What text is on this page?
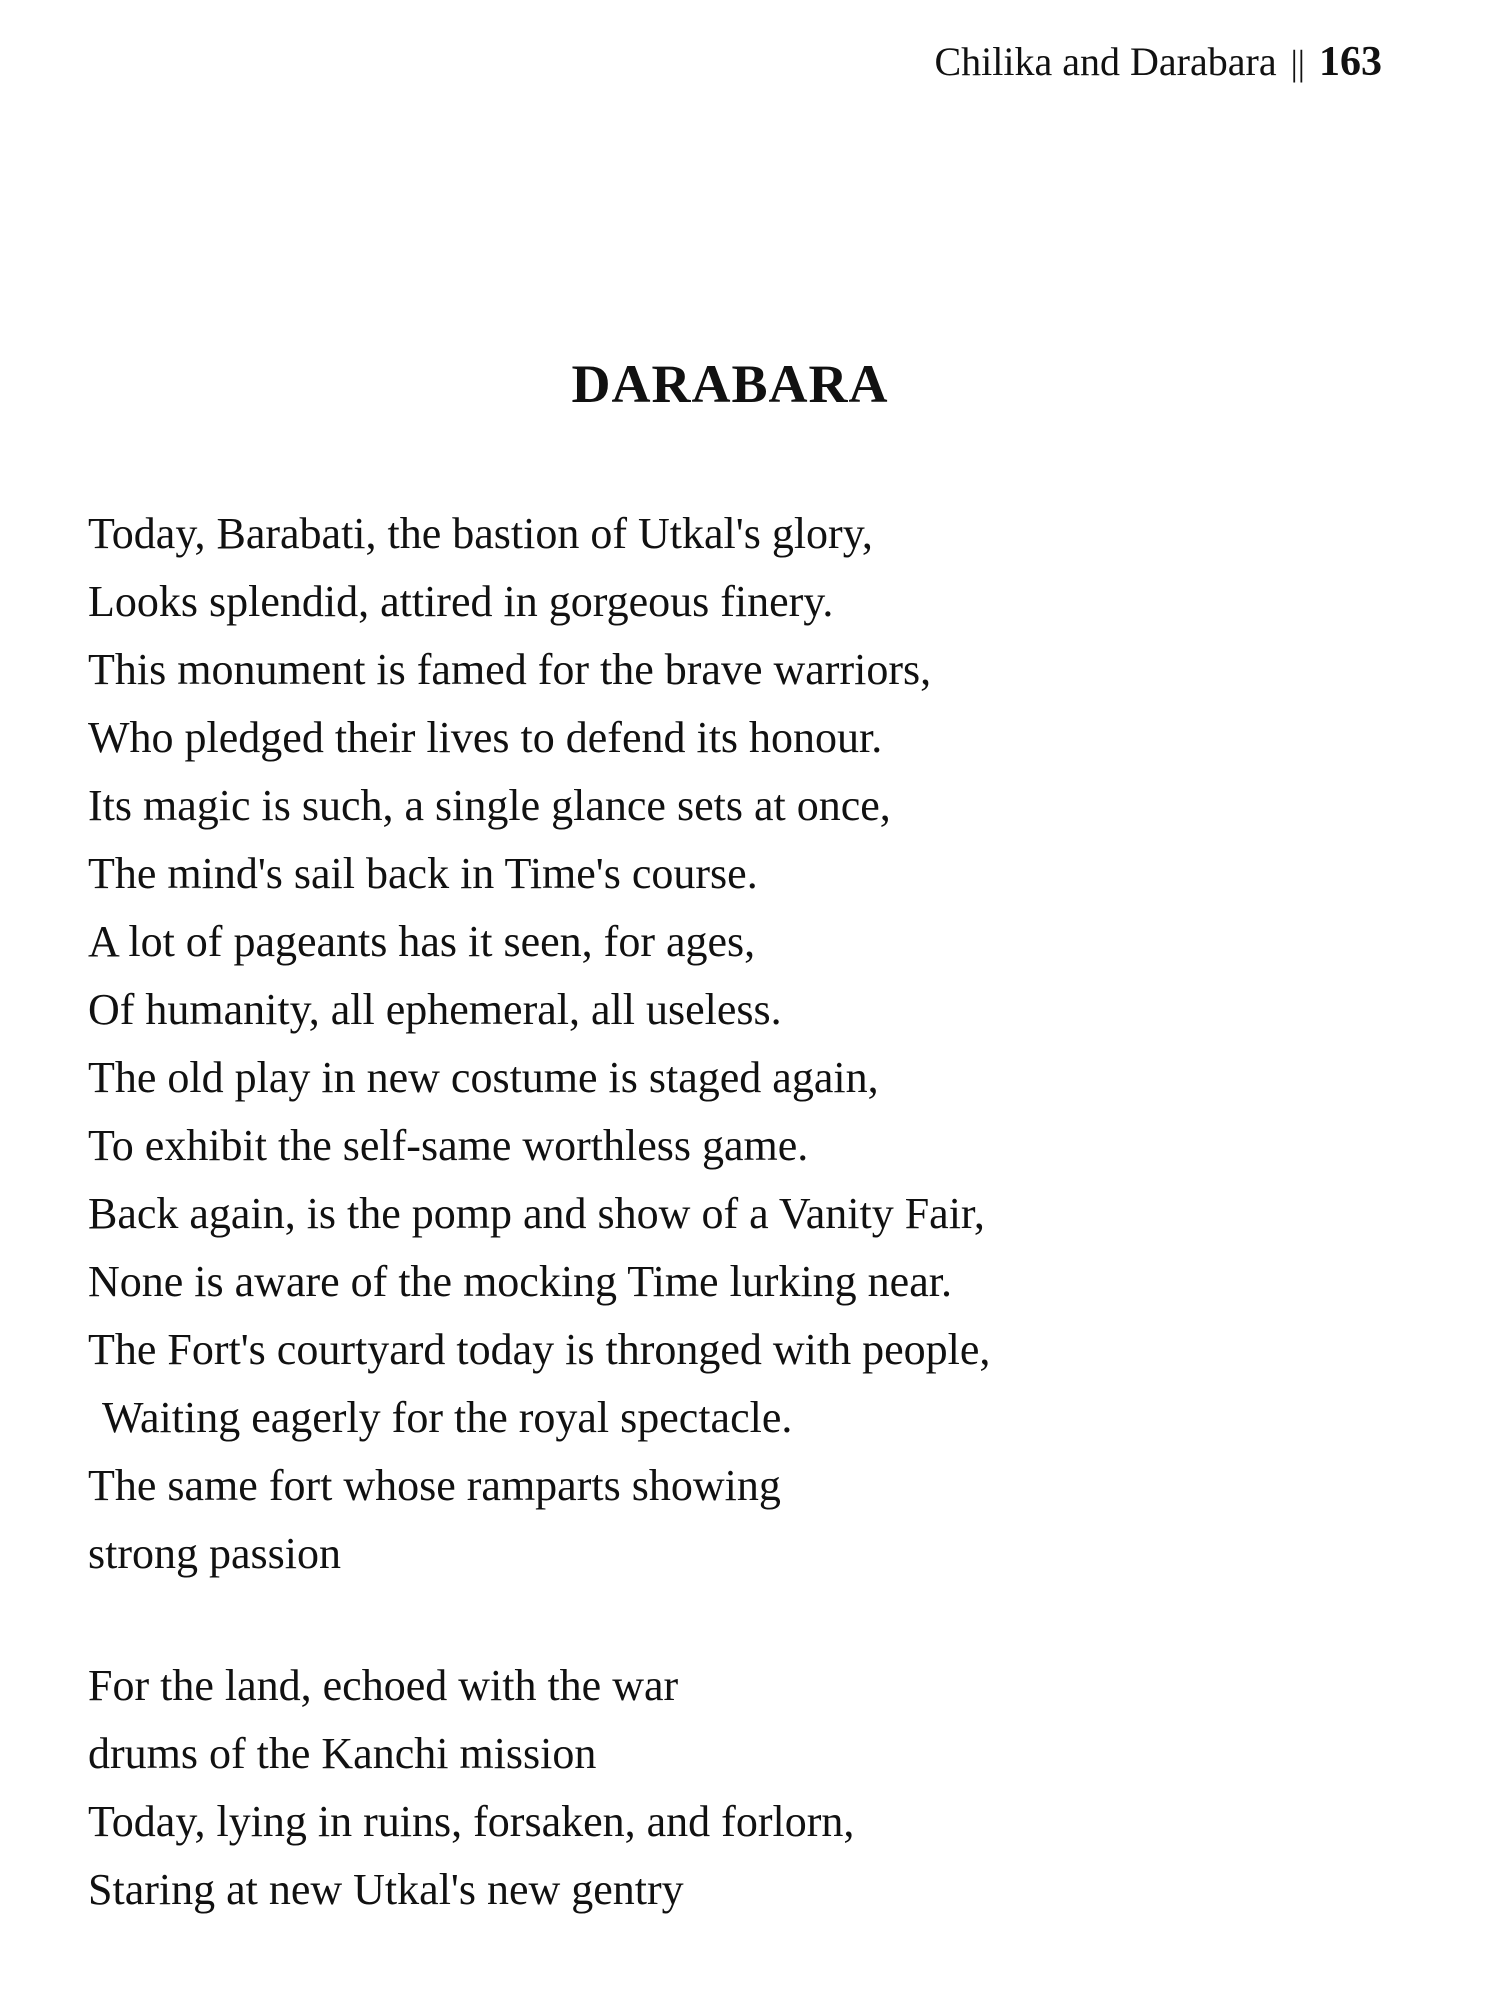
Chilika and Darabara || 163
DARABARA
Today, Barabati, the bastion of Utkal's glory,
Looks splendid, attired in gorgeous finery.
This monument is famed for the brave warriors,
Who pledged their lives to defend its honour.
Its magic is such, a single glance sets at once,
The mind's sail back in Time's course.
A lot of pageants has it seen, for ages,
Of humanity, all ephemeral, all useless.
The old play in new costume is staged again,
To exhibit the self-same worthless game.
Back again, is the pomp and show of a Vanity Fair,
None is aware of the mocking Time lurking near.
The Fort's courtyard today is thronged with people,
Waiting eagerly for the royal spectacle.
The same fort whose ramparts showing
strong passion
For the land, echoed with the war
drums of the Kanchi mission
Today, lying in ruins, forsaken, and forlorn,
Staring at new Utkal's new gentry
